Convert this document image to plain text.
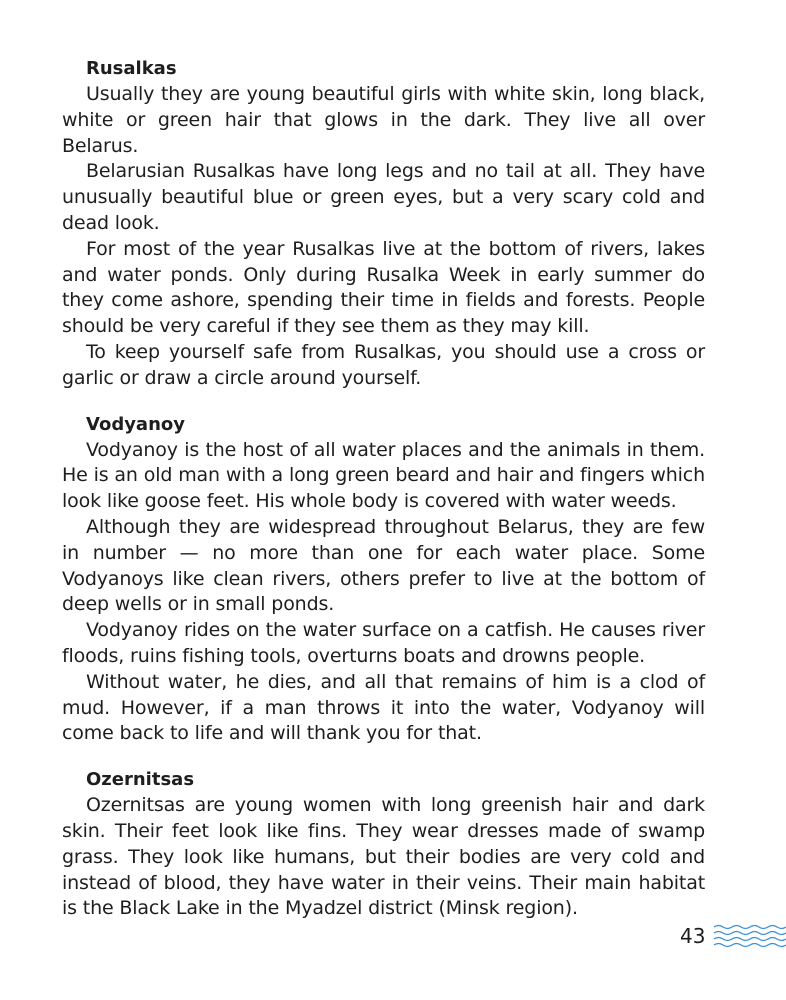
Rusalkas

Usually they are young beautiful girls with white skin, long black, white or green hair that glows in the dark. They live all over Belarus.

Belarusian Rusalkas have long legs and no tail at all. They have unusually beautiful blue or green eyes, but a very scary cold and dead look.

For most of the year Rusalkas live at the bottom of rivers, lakes and water ponds. Only during Rusalka Week in early summer do they come ashore, spending their time in fields and forests. People should be very careful if they see them as they may kill.

To keep yourself safe from Rusalkas, you should use a cross or garlic or draw a circle around yourself.

Vodyanoy

Vodyanoy is the host of all water places and the animals in them. He is an old man with a long green beard and hair and fingers which look like goose feet. His whole body is covered with water weeds.

Although they are widespread throughout Belarus, they are few in number — no more than one for each water place. Some Vodyanoys like clean rivers, others prefer to live at the bottom of deep wells or in small ponds.

Vodyanoy rides on the water surface on a catfish. He causes river floods, ruins fishing tools, overturns boats and drowns people.

Without water, he dies, and all that remains of him is a clod of mud. However, if a man throws it into the water, Vodyanoy will come back to life and will thank you for that.

Ozernitsas

Ozernitsas are young women with long greenish hair and dark skin. Their feet look like fins. They wear dresses made of swamp grass. They look like humans, but their bodies are very cold and instead of blood, they have water in their veins. Their main habitat is the Black Lake in the Myadzel district (Minsk region).

43
